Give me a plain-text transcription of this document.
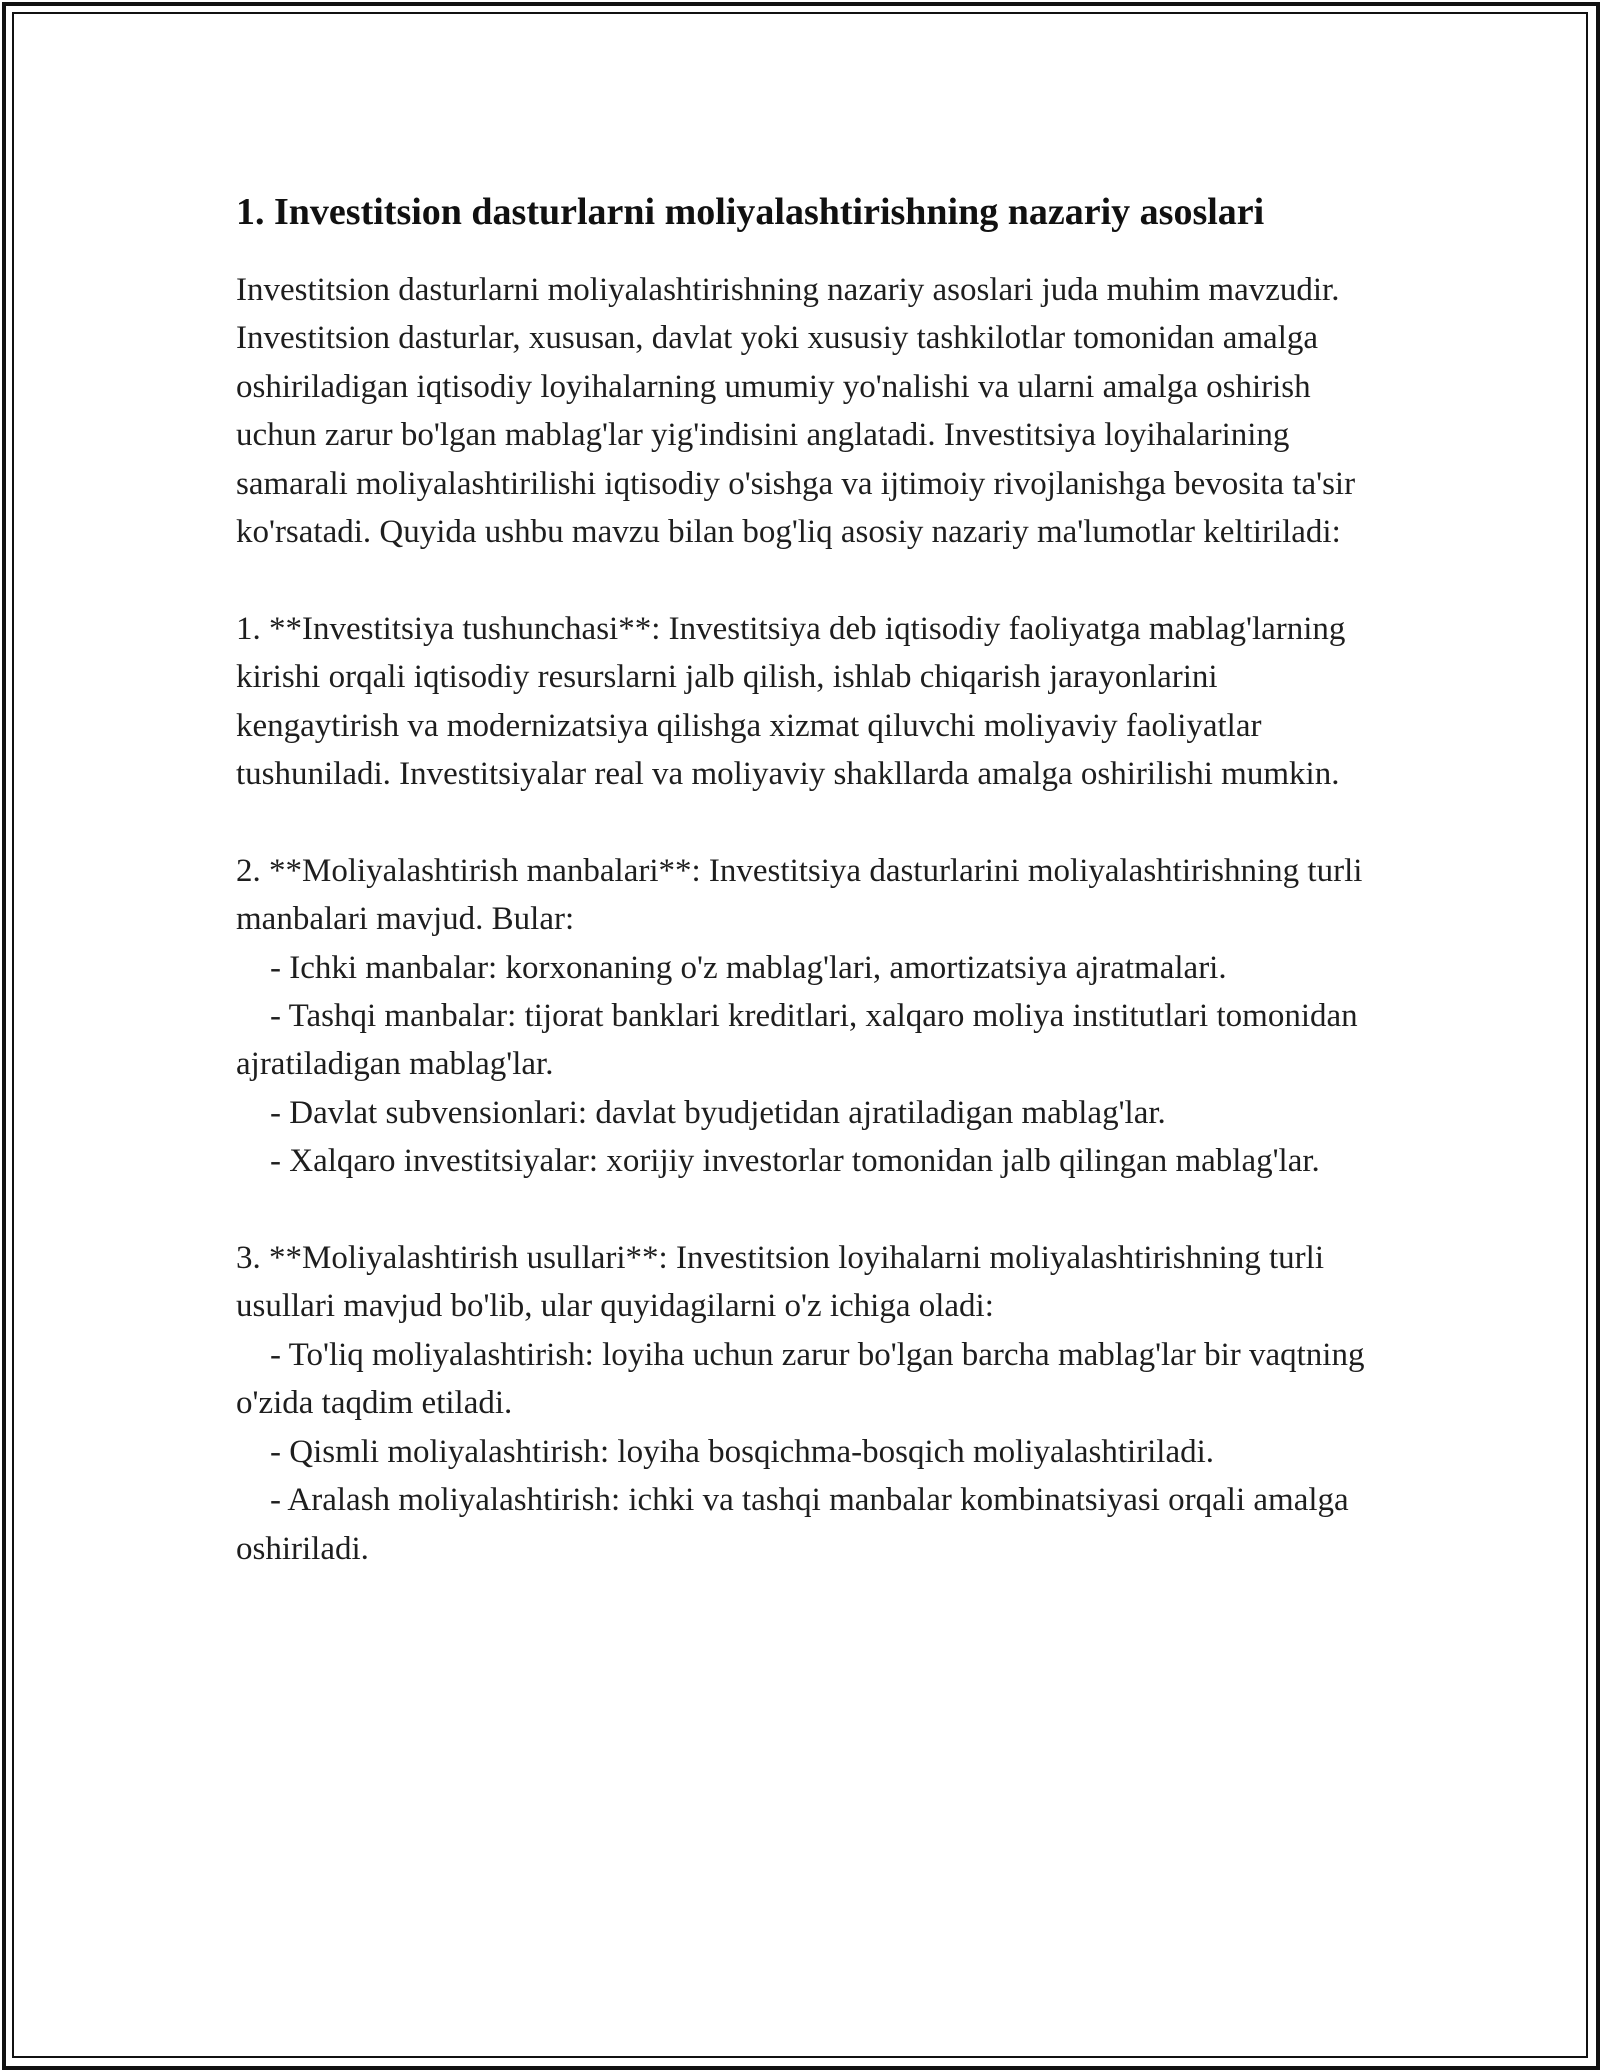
1. Investitsion dasturlarni moliyalashtirishning nazariy asoslari

Investitsion dasturlarni moliyalashtirishning nazariy asoslari juda muhim mavzudir. Investitsion dasturlar, xususan, davlat yoki xususiy tashkilotlar tomonidan amalga oshiriladigan iqtisodiy loyihalarning umumiy yo'nalishi va ularni amalga oshirish uchun zarur bo'lgan mablag'lar yig'indisini anglatadi. Investitsiya loyihalarining samarali moliyalashtirilishi iqtisodiy o'sishga va ijtimoiy rivojlanishga bevosita ta'sir ko'rsatadi. Quyida ushbu mavzu bilan bog'liq asosiy nazariy ma'lumotlar keltiriladi:

1. **Investitsiya tushunchasi**: Investitsiya deb iqtisodiy faoliyatga mablag'larning kirishi orqali iqtisodiy resurslarni jalb qilish, ishlab chiqarish jarayonlarini kengaytirish va modernizatsiya qilishga xizmat qiluvchi moliyaviy faoliyatlar tushuniladi. Investitsiyalar real va moliyaviy shakllarda amalga oshirilishi mumkin.

2. **Moliyalashtirish manbalari**: Investitsiya dasturlarini moliyalashtirishning turli manbalari mavjud. Bular:

- Ichki manbalar: korxonaning o'z mablag'lari, amortizatsiya ajratmalari.

- Tashqi manbalar: tijorat banklari kreditlari, xalqaro moliya institutlari tomonidan ajratiladigan mablag'lar.

- Davlat subvensionlari: davlat byudjetidan ajratiladigan mablag'lar.

- Xalqaro investitsiyalar: xorijiy investorlar tomonidan jalb qilingan mablag'lar.

3. **Moliyalashtirish usullari**: Investitsion loyihalarni moliyalashtirishning turli usullari mavjud bo'lib, ular quyidagilarni o'z ichiga oladi:

- To'liq moliyalashtirish: loyiha uchun zarur bo'lgan barcha mablag'lar bir vaqtning o'zida taqdim etiladi.

- Qismli moliyalashtirish: loyiha bosqichma-bosqich moliyalashtiriladi.

- Aralash moliyalashtirish: ichki va tashqi manbalar kombinatsiyasi orqali amalga oshiriladi.
